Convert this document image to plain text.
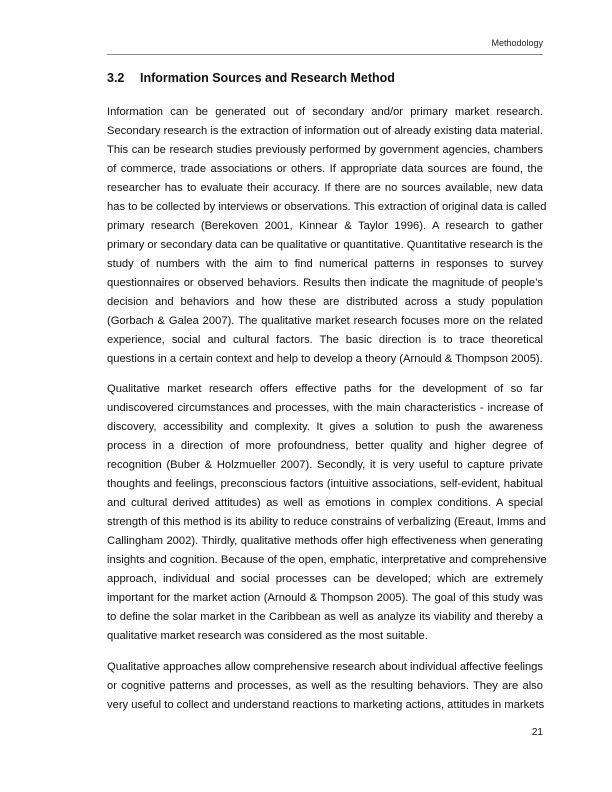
Methodology
3.2 Information Sources and Research Method
Information can be generated out of secondary and/or primary market research.
Secondary research is the extraction of information out of already existing data material.
This can be research studies previously performed by government agencies, chambers
of commerce, trade associations or others. If appropriate data sources are found, the
researcher has to evaluate their accuracy. If there are no sources available, new data
has to be collected by interviews or observations. This extraction of original data is called
primary research (Berekoven 2001, Kinnear & Taylor 1996). A research to gather
primary or secondary data can be qualitative or quantitative. Quantitative research is the
study of numbers with the aim to find numerical patterns in responses to survey
questionnaires or observed behaviors. Results then indicate the magnitude of people’s
decision and behaviors and how these are distributed across a study population
(Gorbach & Galea 2007). The qualitative market research focuses more on the related
experience, social and cultural factors. The basic direction is to trace theoretical
questions in a certain context and help to develop a theory (Arnould & Thompson 2005).
Qualitative market research offers effective paths for the development of so far
undiscovered circumstances and processes, with the main characteristics - increase of
discovery, accessibility and complexity. It gives a solution to push the awareness
process in a direction of more profoundness, better quality and higher degree of
recognition (Buber & Holzmueller 2007). Secondly, it is very useful to capture private
thoughts and feelings, preconscious factors (intuitive associations, self-evident, habitual
and cultural derived attitudes) as well as emotions in complex conditions. A special
strength of this method is its ability to reduce constrains of verbalizing (Ereaut, Imms and
Callingham 2002). Thirdly, qualitative methods offer high effectiveness when generating
insights and cognition. Because of the open, emphatic, interpretative and comprehensive
approach, individual and social processes can be developed; which are extremely
important for the market action (Arnould & Thompson 2005). The goal of this study was
to define the solar market in the Caribbean as well as analyze its viability and thereby a
qualitative market research was considered as the most suitable.
Qualitative approaches allow comprehensive research about individual affective feelings
or cognitive patterns and processes, as well as the resulting behaviors. They are also
very useful to collect and understand reactions to marketing actions, attitudes in markets
21
